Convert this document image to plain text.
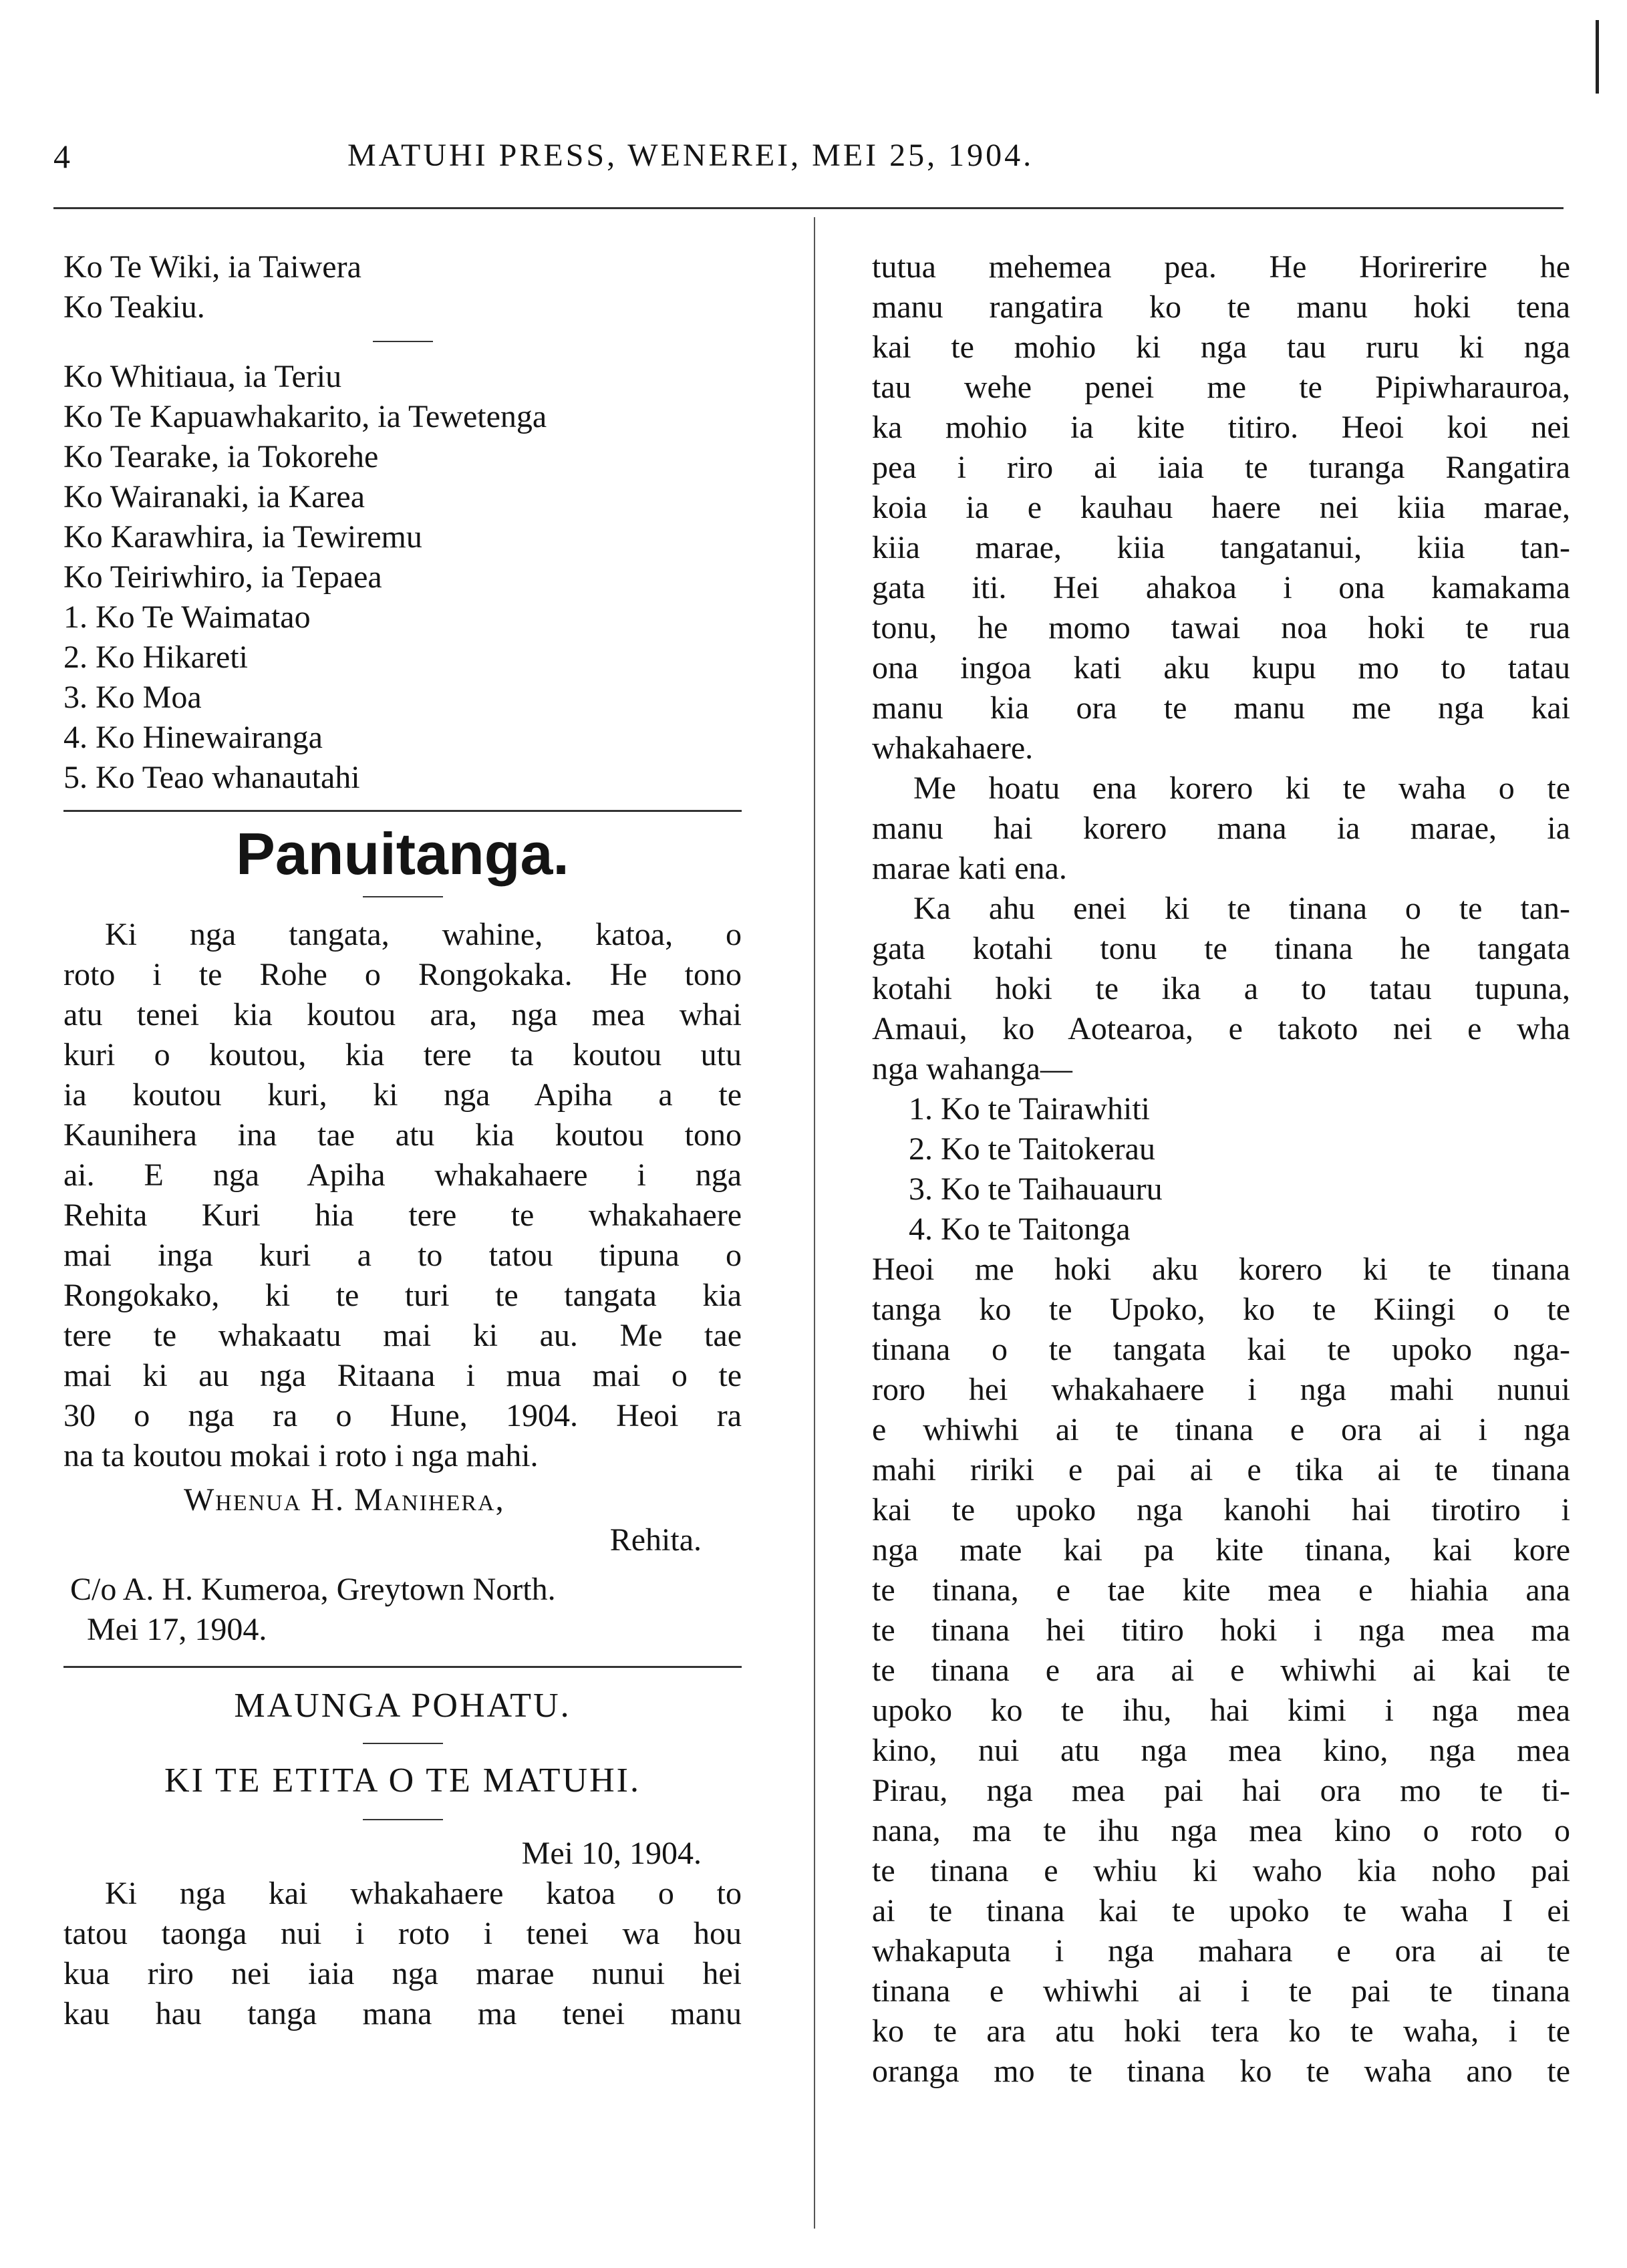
4	MATUHI PRESS, WENEREI, MEI 25, 1904.
Ko Te Wiki, ia Taiwera
Ko Teakiu.
Ko Whitiaua, ia Teriu
Ko Te Kapuawhakarito, ia Tewetenga
Ko Tearake, ia Tokorehe
Ko Wairanaki, ia Karea
Ko Karawhira, ia Tewiremu
Ko Teiriwhiro, ia Tepaea
1. Ko Te Waimatao
2. Ko Hikareti
3. Ko Moa
4. Ko Hinewairanga
5. Ko Teao whanautahi
Panuitanga.
Ki nga tangata, wahine, katoa, o
roto i te Rohe o Rongokaka. He tono
atu tenei kia koutou ara, nga mea whai
kuri o koutou, kia tere ta koutou utu
ia koutou kuri, ki nga Apiha a te
Kaunihera ina tae atu kia koutou tono
ai. E nga Apiha whakahaere i nga
Rehita Kuri hia tere te whakahaere
mai inga kuri a to tatou tipuna o
Rongokako, ki te turi te tangata kia
tere te whakaatu mai ki au. Me tae
mai ki au nga Ritaana i mua mai o te
30 o nga ra o Hune, 1904. Heoi ra
na ta koutou mokai i roto i nga mahi.
Whenua H. Manihera,
Rehita.
C/o A. H. Kumeroa, Greytown North.
Mei 17, 1904.
MAUNGA POHATU.
KI TE ETITA O TE MATUHI.
Mei 10, 1904.
Ki nga kai whakahaere katoa o to
tatou taonga nui i roto i tenei wa hou
kua riro nei iaia nga marae nunui hei
kau hau tanga mana ma tenei manu
tutua mehemea pea. He Horirerire he
manu rangatira ko te manu hoki tena
kai te mohio ki nga tau ruru ki nga
tau wehe penei me te Pipiwharauroa,
ka mohio ia kite titiro. Heoi koi nei
pea i riro ai iaia te turanga Rangatira
koia ia e kauhau haere nei kiia marae,
kiia marae, kiia tangatanui, kiia tan-
gata iti. Hei ahakoa i ona kamakama
tonu, he momo tawai noa hoki te rua
ona ingoa kati aku kupu mo to tatau
manu kia ora te manu me nga kai
whakahaere.
Me hoatu ena korero ki te waha o te
manu hai korero mana ia marae, ia
marae kati ena.
Ka ahu enei ki te tinana o te tan-
gata kotahi tonu te tinana he tangata
kotahi hoki te ika a to tatau tupuna,
Amaui, ko Aotearoa, e takoto nei e wha
nga wahanga—
1. Ko te Tairawhiti
2. Ko te Taitokerau
3. Ko te Taihauauru
4. Ko te Taitonga
Heoi me hoki aku korero ki te tinana
tanga ko te Upoko, ko te Kiingi o te
tinana o te tangata kai te upoko nga-
roro hei whakahaere i nga mahi nunui
e whiwhi ai te tinana e ora ai i nga
mahi ririki e pai ai e tika ai te tinana
kai te upoko nga kanohi hai tirotiro i
nga mate kai pa kite tinana, kai kore
te tinana, e tae kite mea e hiahia ana
te tinana hei titiro hoki i nga mea ma
te tinana e ara ai e whiwhi ai kai te
upoko ko te ihu, hai kimi i nga mea
kino, nui atu nga mea kino, nga mea
Pirau, nga mea pai hai ora mo te ti-
nana, ma te ihu nga mea kino o roto o
te tinana e whiu ki waho kia noho pai
ai te tinana kai te upoko te waha I ei
whakaputa i nga mahara e ora ai te
tinana e whiwhi ai i te pai te tinana
ko te ara atu hoki tera ko te waha, i te
oranga mo te tinana ko te waha ano te
